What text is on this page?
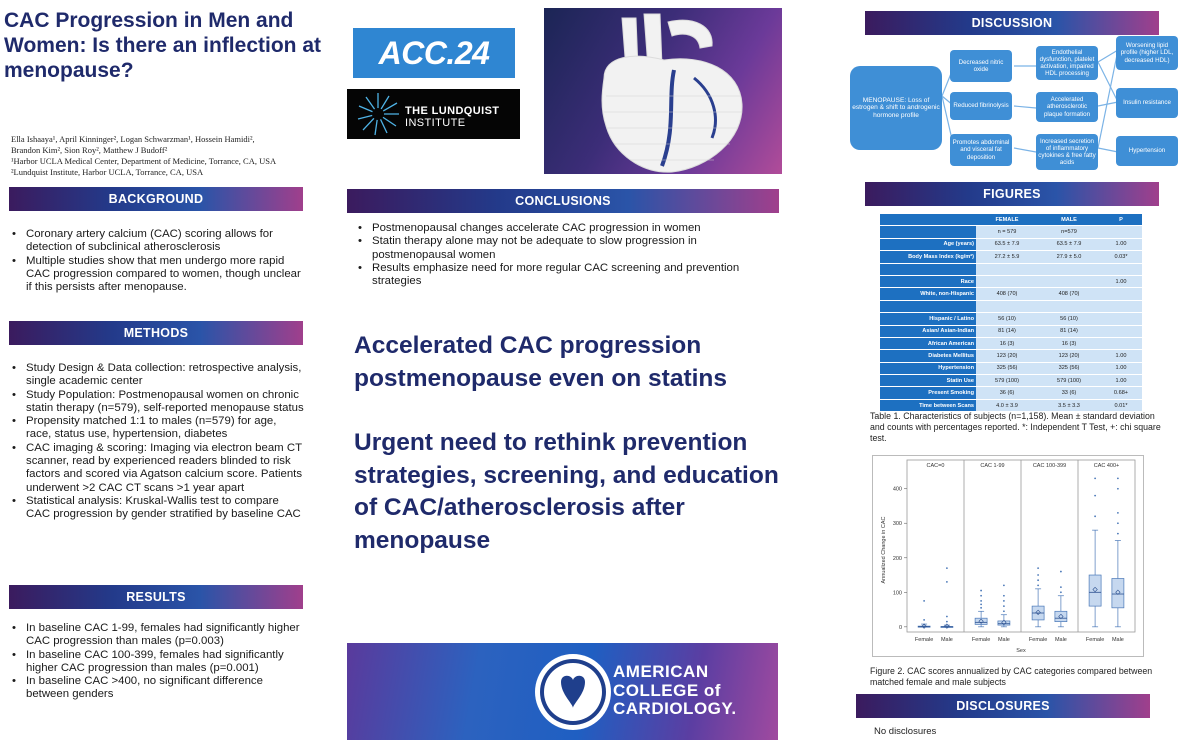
CAC Progression in Men and Women: Is there an inflection at menopause?
Ella Ishaaya¹, April Kinninger², Logan Schwarzman¹, Hossein Hamidi²,
Brandon Kim², Sion Roy², Matthew J Budoff²
¹Harbor UCLA Medical Center, Department of Medicine, Torrance, CA, USA
²Lundquist Institute, Harbor UCLA, Torrance, CA, USA
BACKGROUND
• Coronary artery calcium (CAC) scoring allows for detection of subclinical atherosclerosis
• Multiple studies show that men undergo more rapid CAC progression compared to women, though unclear if this persists after menopause.
METHODS
• Study Design & Data collection: retrospective analysis, single academic center
• Study Population: Postmenopausal women on chronic statin therapy (n=579), self-reported menopause status
• Propensity matched 1:1 to males (n=579) for age, race, status use, hypertension, diabetes
• CAC imaging & scoring: Imaging via electron beam CT scanner, read by experienced readers blinded to risk factors and scored via Agatson calcium score. Patients underwent >2 CAC CT scans >1 year apart
• Statistical analysis: Kruskal-Wallis test to compare CAC progression by gender stratified by baseline CAC
RESULTS
• In baseline CAC 1-99, females had significantly higher CAC progression than males (p=0.003)
• In baseline CAC 100-399, females had significantly higher CAC progression than males (p=0.001)
• In baseline CAC >400, no significant difference between genders
ACC.24
THE LUNDQUIST
INSTITUTE
CONCLUSIONS
• Postmenopausal changes accelerate CAC progression in women
• Statin therapy alone may not be adequate to slow progression in postmenopausal women
• Results emphasize need for more regular CAC screening and prevention strategies
Accelerated CAC progression postmenopause even on statins
Urgent need to rethink prevention strategies, screening, and education of CAC/atherosclerosis after menopause
AMERICAN
COLLEGE of
CARDIOLOGY.
DISCUSSION
MENOPAUSE: Loss of estrogen & shift to androgenic hormone profile
Decreased nitric oxide
Reduced fibrinolysis
Promotes abdominal and visceral fat deposition
Endothelial dysfunction, platelet activation, impaired HDL processing
Accelerated atherosclerotic plaque formation
Increased secretion of inflammatory cytokines & free fatty acids
Worsening lipid profile (higher LDL, decreased HDL)
Insulin resistance
Hypertension
FIGURES
	FEMALE	MALE	P
	n = 579	n=579	
Age (years)	63.5 ± 7.9	63.5 ± 7.9	1.00
Body Mass Index (kg/m²)	27.2 ± 5.9	27.9 ± 5.0	0.03*

Race			1.00
White, non-Hispanic	408 (70)	408 (70)	

Hispanic / Latino	56 (10)	56 (10)	
Asian/ Asian-Indian	81 (14)	81 (14)	
African American	16 (3)	16 (3)	
Diabetes Mellitus	123 (20)	123 (20)	1.00
Hypertension	325 (56)	325 (56)	1.00
Statin Use	579 (100)	579 (100)	1.00
Present Smoking	36 (6)	33 (6)	0.68+
Time between Scans	4.0 ± 3.9	3.5 ± 3.3	0.01*
Table 1. Characteristics of subjects (n=1,158). Mean ± standard deviation and counts with percentages reported. *: Independent T Test, +: chi square test.
CAC=0
Female Male
CAC 1-99
Female Male
CAC 100-399
Female Male
CAC 400+
Female Male
0
100
200
300
400
Sex
Annualized Change in CAC
Figure 2. CAC scores annualized by CAC categories compared between matched female and male subjects
DISCLOSURES
No disclosures
